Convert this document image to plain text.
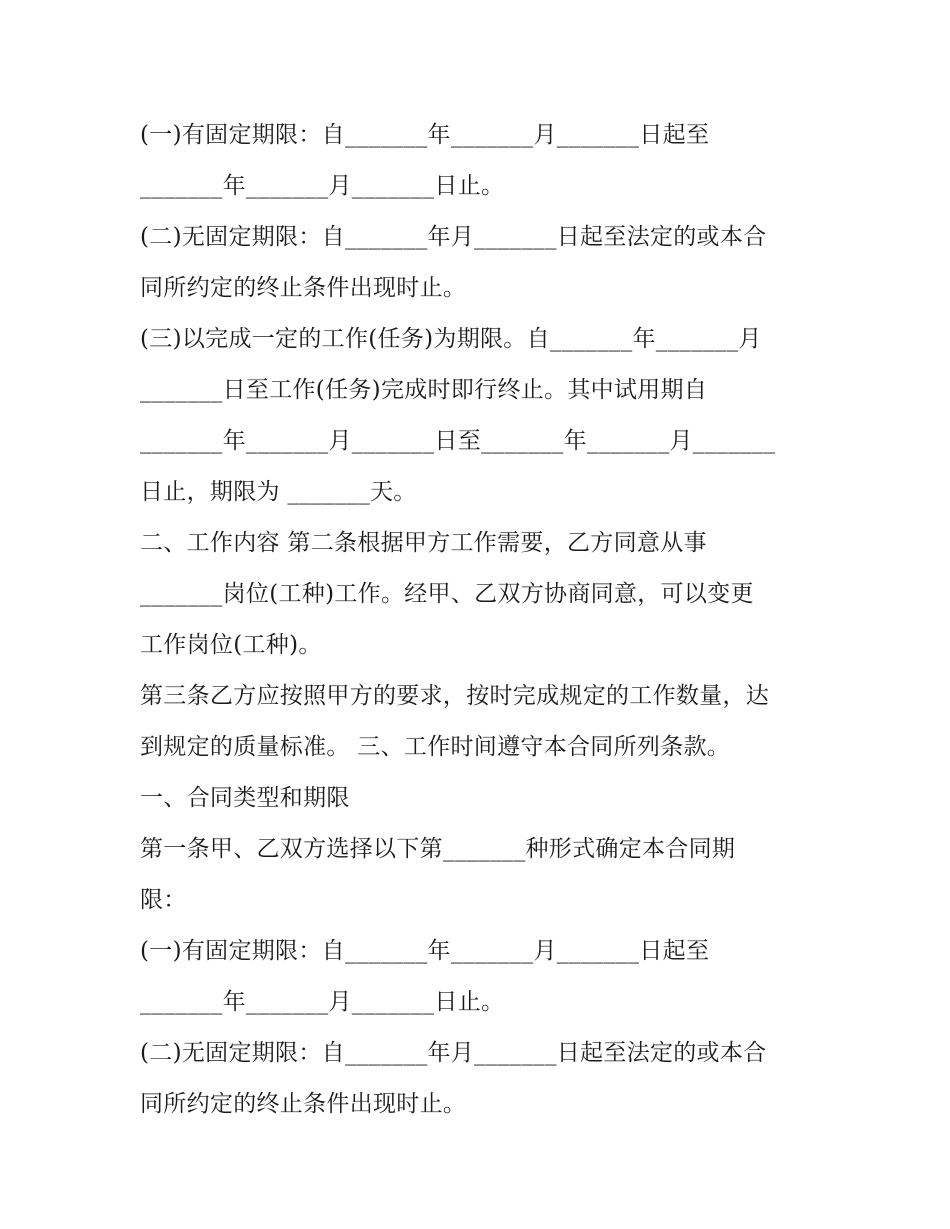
(一)有固定期限：自_______年_______月_______日起至
_______年_______月_______日止。
(二)无固定期限：自_______年月_______日起至法定的或本合
同所约定的终止条件出现时止。
(三)以完成一定的工作(任务)为期限。自_______年_______月
_______日至工作(任务)完成时即行终止。其中试用期自
_______年_______月_______日至_______年_______月_______
日止，期限为 _______天。
二、工作内容 第二条根据甲方工作需要，乙方同意从事
_______岗位(工种)工作。经甲、乙双方协商同意，可以变更
工作岗位(工种)。
第三条乙方应按照甲方的要求，按时完成规定的工作数量，达
到规定的质量标准。 三、工作时间遵守本合同所列条款。
一、合同类型和期限
第一条甲、乙双方选择以下第_______种形式确定本合同期
限：
(一)有固定期限：自_______年_______月_______日起至
_______年_______月_______日止。
(二)无固定期限：自_______年月_______日起至法定的或本合
同所约定的终止条件出现时止。
